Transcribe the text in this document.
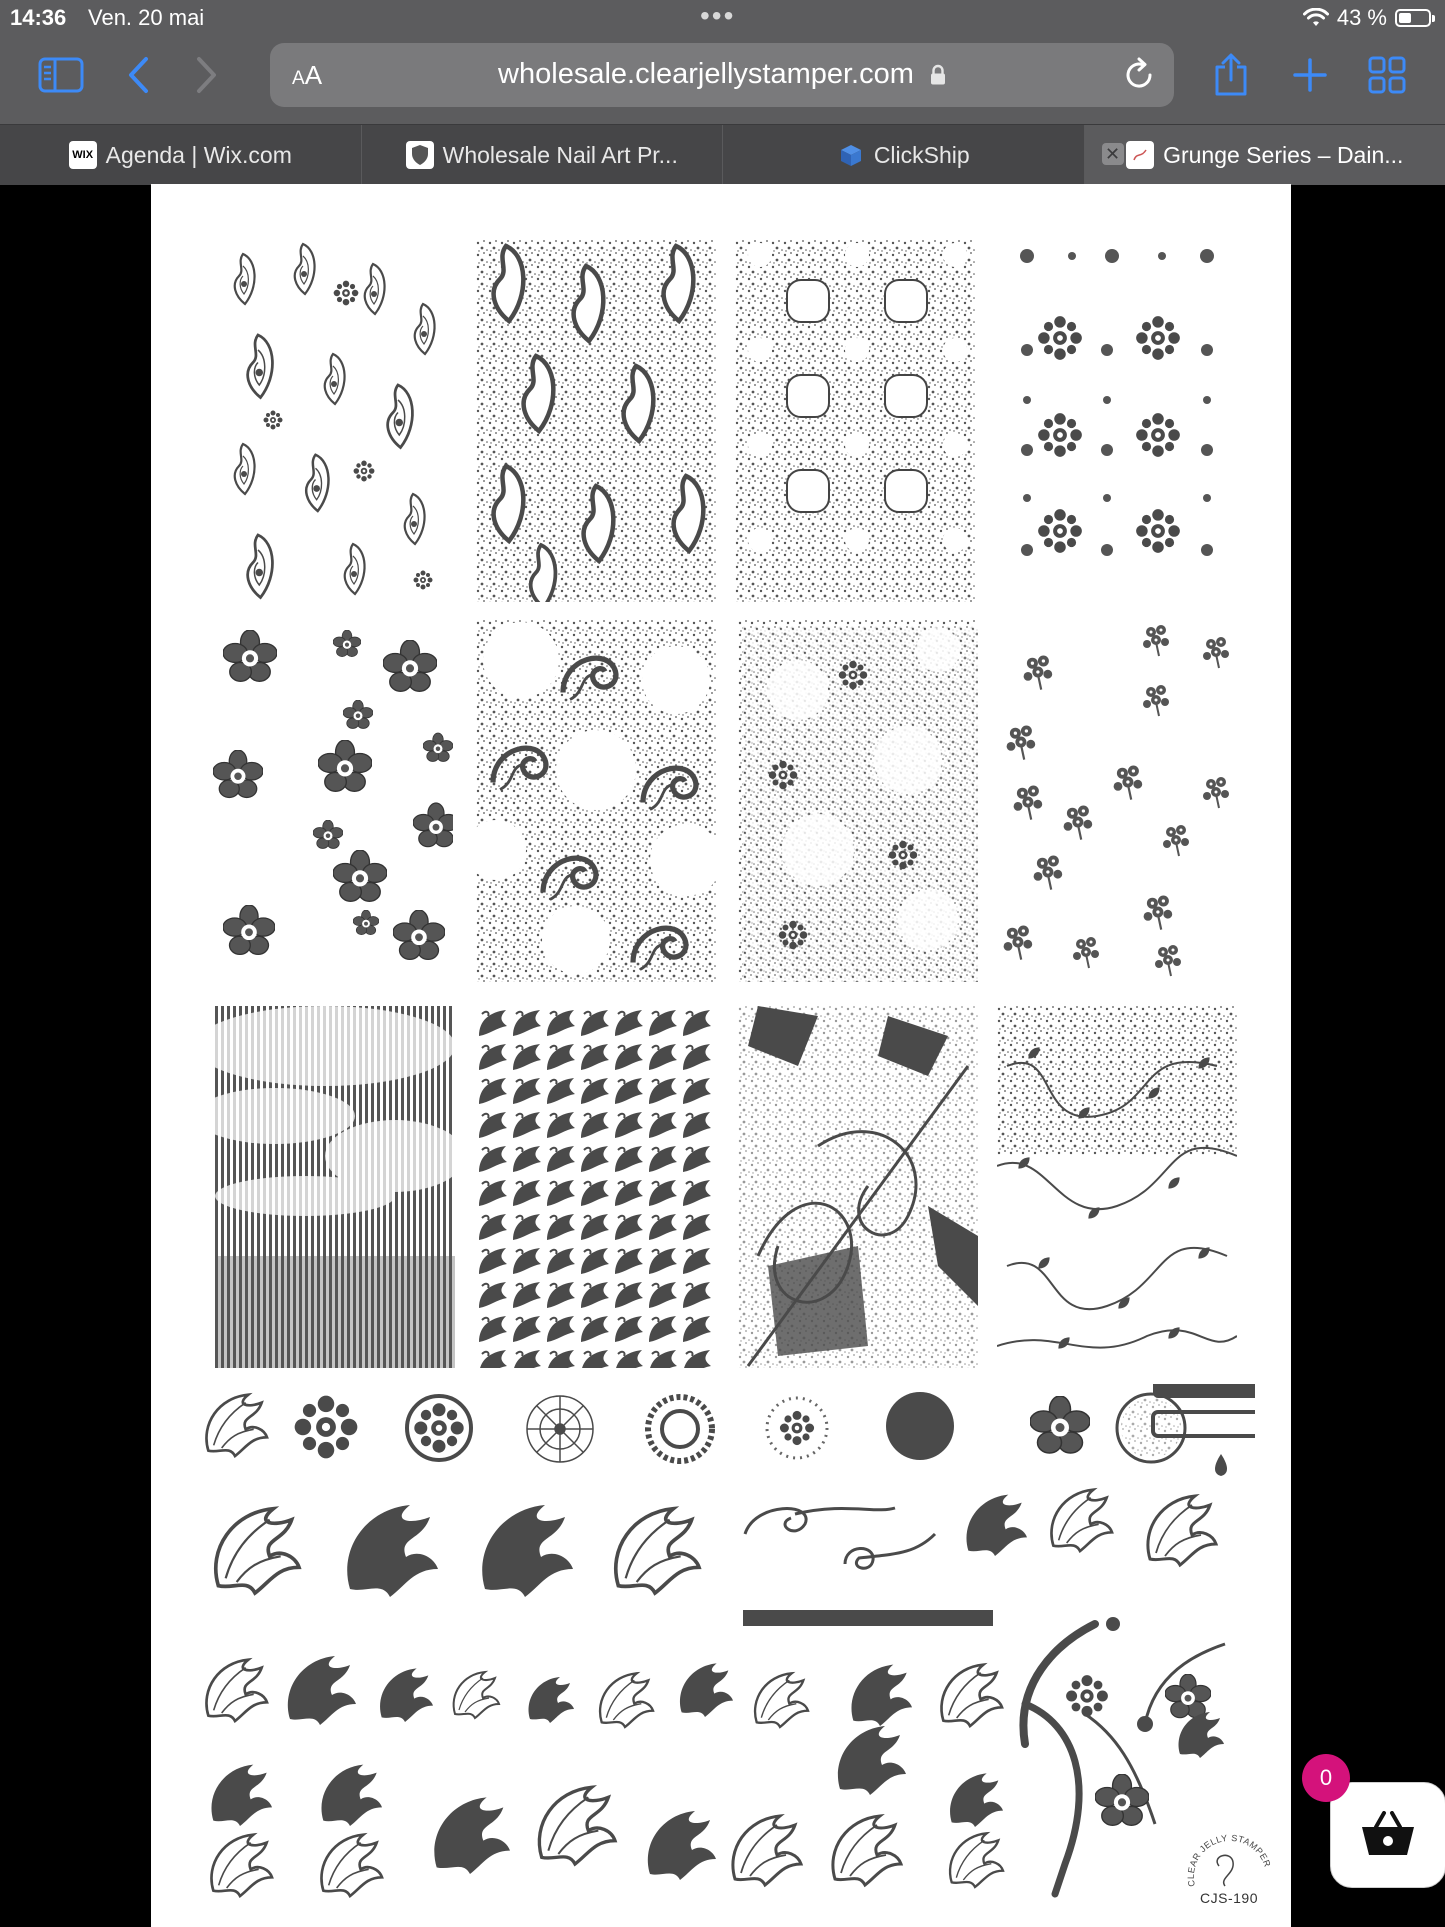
14:36 Ven. 20 mai	•••	43 %
AA	wholesale.clearjellystamper.com
WIX Agenda | Wix.com	Wholesale Nail Art Pr...	ClickShip	✕ Grunge Series – Dain...
CLEAR JELLY STAMPER
CJS-190
0
